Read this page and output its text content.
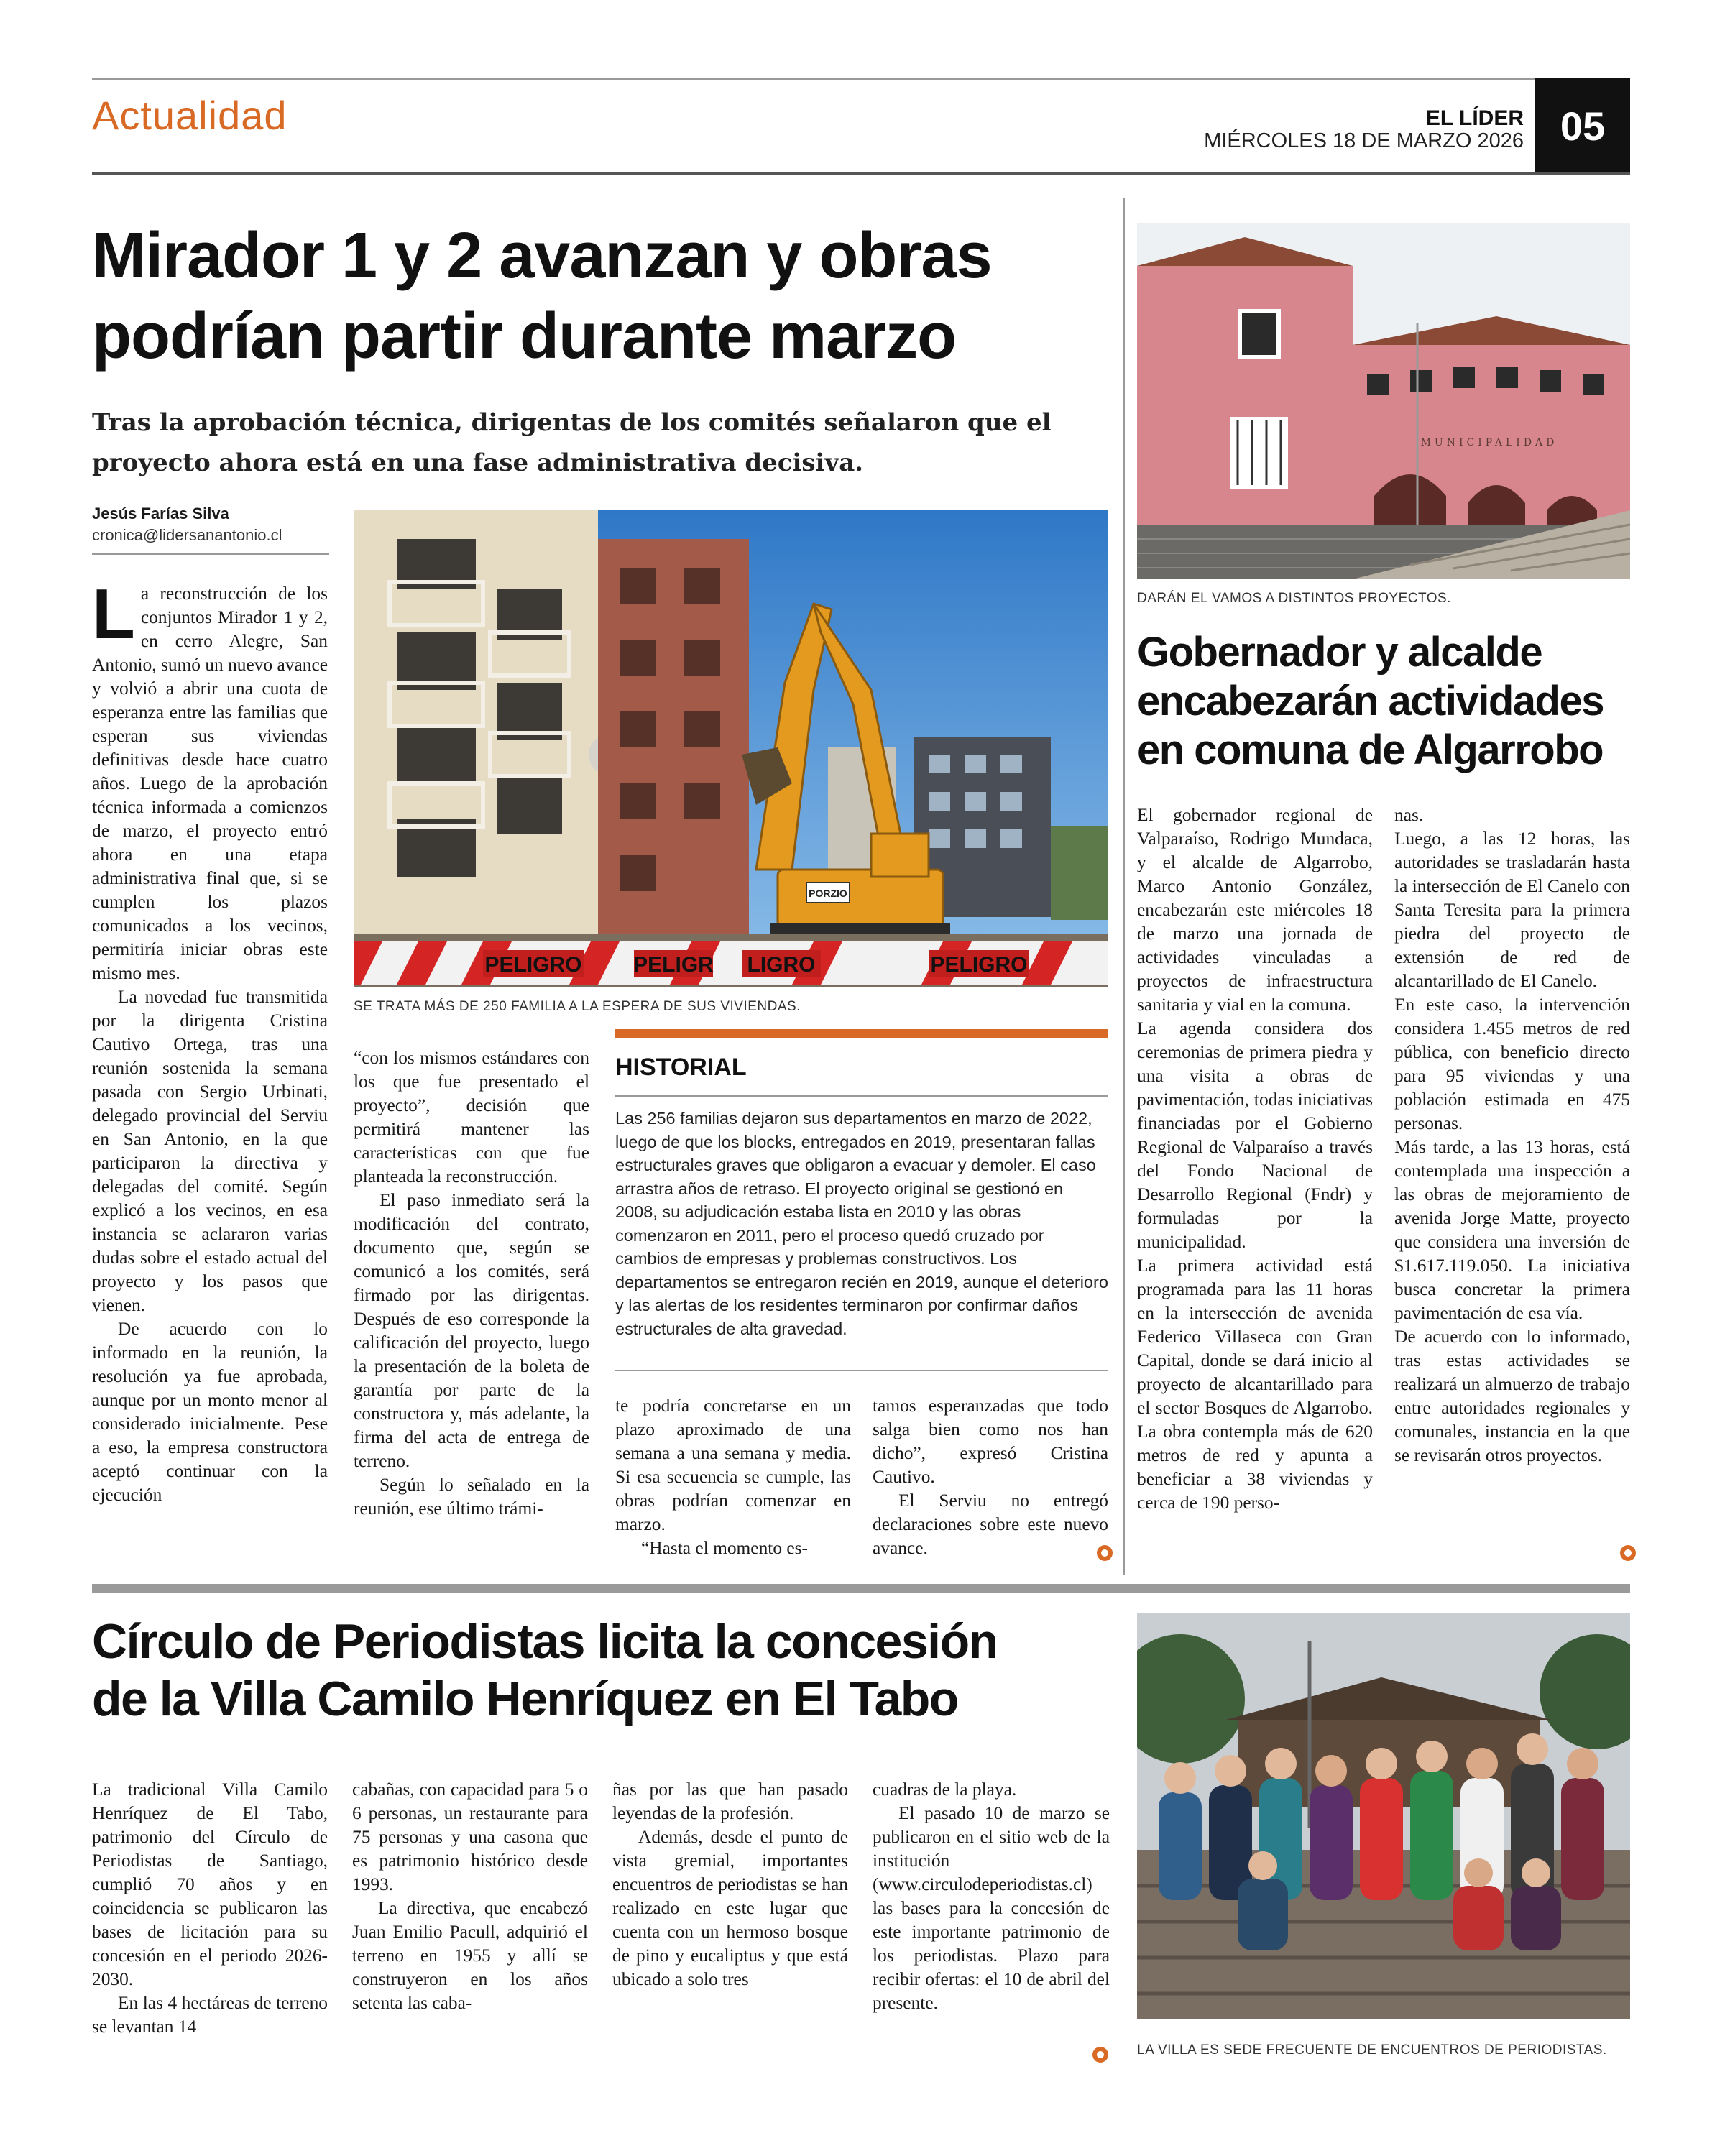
Actualidad	EL LÍDER
MIÉRCOLES 18 DE MARZO 2026 05
Mirador 1 y 2 avanzan y obras
podrían partir durante marzo
Tras la aprobación técnica, dirigentas de los comités señalaron que el proyecto ahora está en una fase administrativa decisiva.
Jesús Farías Silva
cronica@lidersanantonio.cl

La reconstrucción de los conjuntos Mirador 1 y 2, en cerro Alegre, San Antonio, sumó un nuevo avance y volvió a abrir una cuota de esperanza entre las familias que esperan sus viviendas definitivas desde hace cuatro años. Luego de la aprobación técnica informada a comienzos de marzo, el proyecto entró ahora en una etapa administrativa final que, si se cumplen los plazos comunicados a los vecinos, permitiría iniciar obras este mismo mes.

La novedad fue transmitida por la dirigenta Cristina Cautivo Ortega, tras una reunión sostenida la semana pasada con Sergio Urbinati, delegado provincial del Serviu en San Antonio, en la que participaron la directiva y delegadas del comité. Según explicó a los vecinos, en esa instancia se aclararon varias dudas sobre el estado actual del proyecto y los pasos que vienen.

De acuerdo con lo informado en la reunión, la resolución ya fue aprobada, aunque por un monto menor al considerado inicialmente. Pese a eso, la empresa constructora aceptó continuar con la ejecución

PORZIO
PELIGRO PELIGR LIGRO	PELIGRO
SE TRATA MÁS DE 250 FAMILIA A LA ESPERA DE SUS VIVIENDAS.

“con los mismos estándares con los que fue presentado el proyecto”, decisión que permitirá mantener las características con que fue planteada la reconstrucción.

El paso inmediato será la modificación del contrato, documento que, según se comunicó a los comités, será firmado por las dirigentas. Después de eso corresponde la calificación del proyecto, luego la presentación de la boleta de garantía por parte de la constructora y, más adelante, la firma del acta de entrega de terreno.

Según lo señalado en la reunión, ese último trámi-

HISTORIAL
Las 256 familias dejaron sus departamentos en marzo de 2022, luego de que los blocks, entregados en 2019, presentaran fallas estructurales graves que obligaron a evacuar y demoler. El caso arrastra años de retraso. El proyecto original se gestionó en 2008, su adjudicación estaba lista en 2010 y las obras comenzaron en 2011, pero el proceso quedó cruzado por cambios de empresas y problemas constructivos. Los departamentos se entregaron recién en 2019, aunque el deterioro y las alertas de los residentes terminaron por confirmar daños estructurales de alta gravedad.

te podría concretarse en un plazo aproximado de una semana a una semana y media. Si esa secuencia se cumple, las obras podrían comenzar en marzo.

“Hasta el momento es-

tamos esperanzadas que todo salga bien como nos han dicho”, expresó Cristina Cautivo.

El Serviu no entregó declaraciones sobre este nuevo avance.

MUNICIPALIDAD
DARÁN EL VAMOS A DISTINTOS PROYECTOS.
Gobernador y alcalde encabezarán actividades en comuna de Algarrobo

El gobernador regional de Valparaíso, Rodrigo Mundaca, y el alcalde de Algarrobo, Marco Antonio González, encabezarán este miércoles 18 de marzo una jornada de actividades vinculadas a proyectos de infraestructura sanitaria y vial en la comuna.

La agenda considera dos ceremonias de primera piedra y una visita a obras de pavimentación, todas iniciativas financiadas por el Gobierno Regional de Valparaíso a través del Fondo Nacional de Desarrollo Regional (Fndr) y formuladas por la municipalidad.

La primera actividad está programada para las 11 horas en la intersección de avenida Federico Villaseca con Gran Capital, donde se dará inicio al proyecto de alcantarillado para el sector Bosques de Algarrobo. La obra contempla más de 620 metros de red y apunta a beneficiar a 38 viviendas y cerca de 190 perso-

nas.

Luego, a las 12 horas, las autoridades se trasladarán hasta la intersección de El Canelo con Santa Teresita para la primera piedra del proyecto de extensión de red de alcantarillado de El Canelo.

En este caso, la intervención considera 1.455 metros de red pública, con beneficio directo para 95 viviendas y una población estimada en 475 personas.

Más tarde, a las 13 horas, está contemplada una inspección a las obras de mejoramiento de avenida Jorge Matte, proyecto que considera una inversión de $1.617.119.050. La iniciativa busca concretar la primera pavimentación de esa vía.

De acuerdo con lo informado, tras estas actividades se realizará un almuerzo de trabajo entre autoridades regionales y comunales, instancia en la que se revisarán otros proyectos.

Círculo de Periodistas licita la concesión
de la Villa Camilo Henríquez en El Tabo

La tradicional Villa Camilo Henríquez de El Tabo, patrimonio del Círculo de Periodistas de Santiago, cumplió 70 años y en coincidencia se publicaron las bases de licitación para su concesión en el periodo 2026-2030.

En las 4 hectáreas de terreno se levantan 14

cabañas, con capacidad para 5 o 6 personas, un restaurante para 75 personas y una casona que es patrimonio histórico desde 1993.

La directiva, que encabezó Juan Emilio Pacull, adquirió el terreno en 1955 y allí se construyeron en los años setenta las caba-

ñas por las que han pasado leyendas de la profesión.

Además, desde el punto de vista gremial, importantes encuentros de periodistas se han realizado en este lugar que cuenta con un hermoso bosque de pino y eucaliptus y que está ubicado a solo tres

cuadras de la playa.

El pasado 10 de marzo se publicaron en el sitio web de la institución (www.circulodeperiodistas.cl) las bases para la concesión de este importante patrimonio de los periodistas. Plazo para recibir ofertas: el 10 de abril del presente.

LA VILLA ES SEDE FRECUENTE DE ENCUENTROS DE PERIODISTAS.
